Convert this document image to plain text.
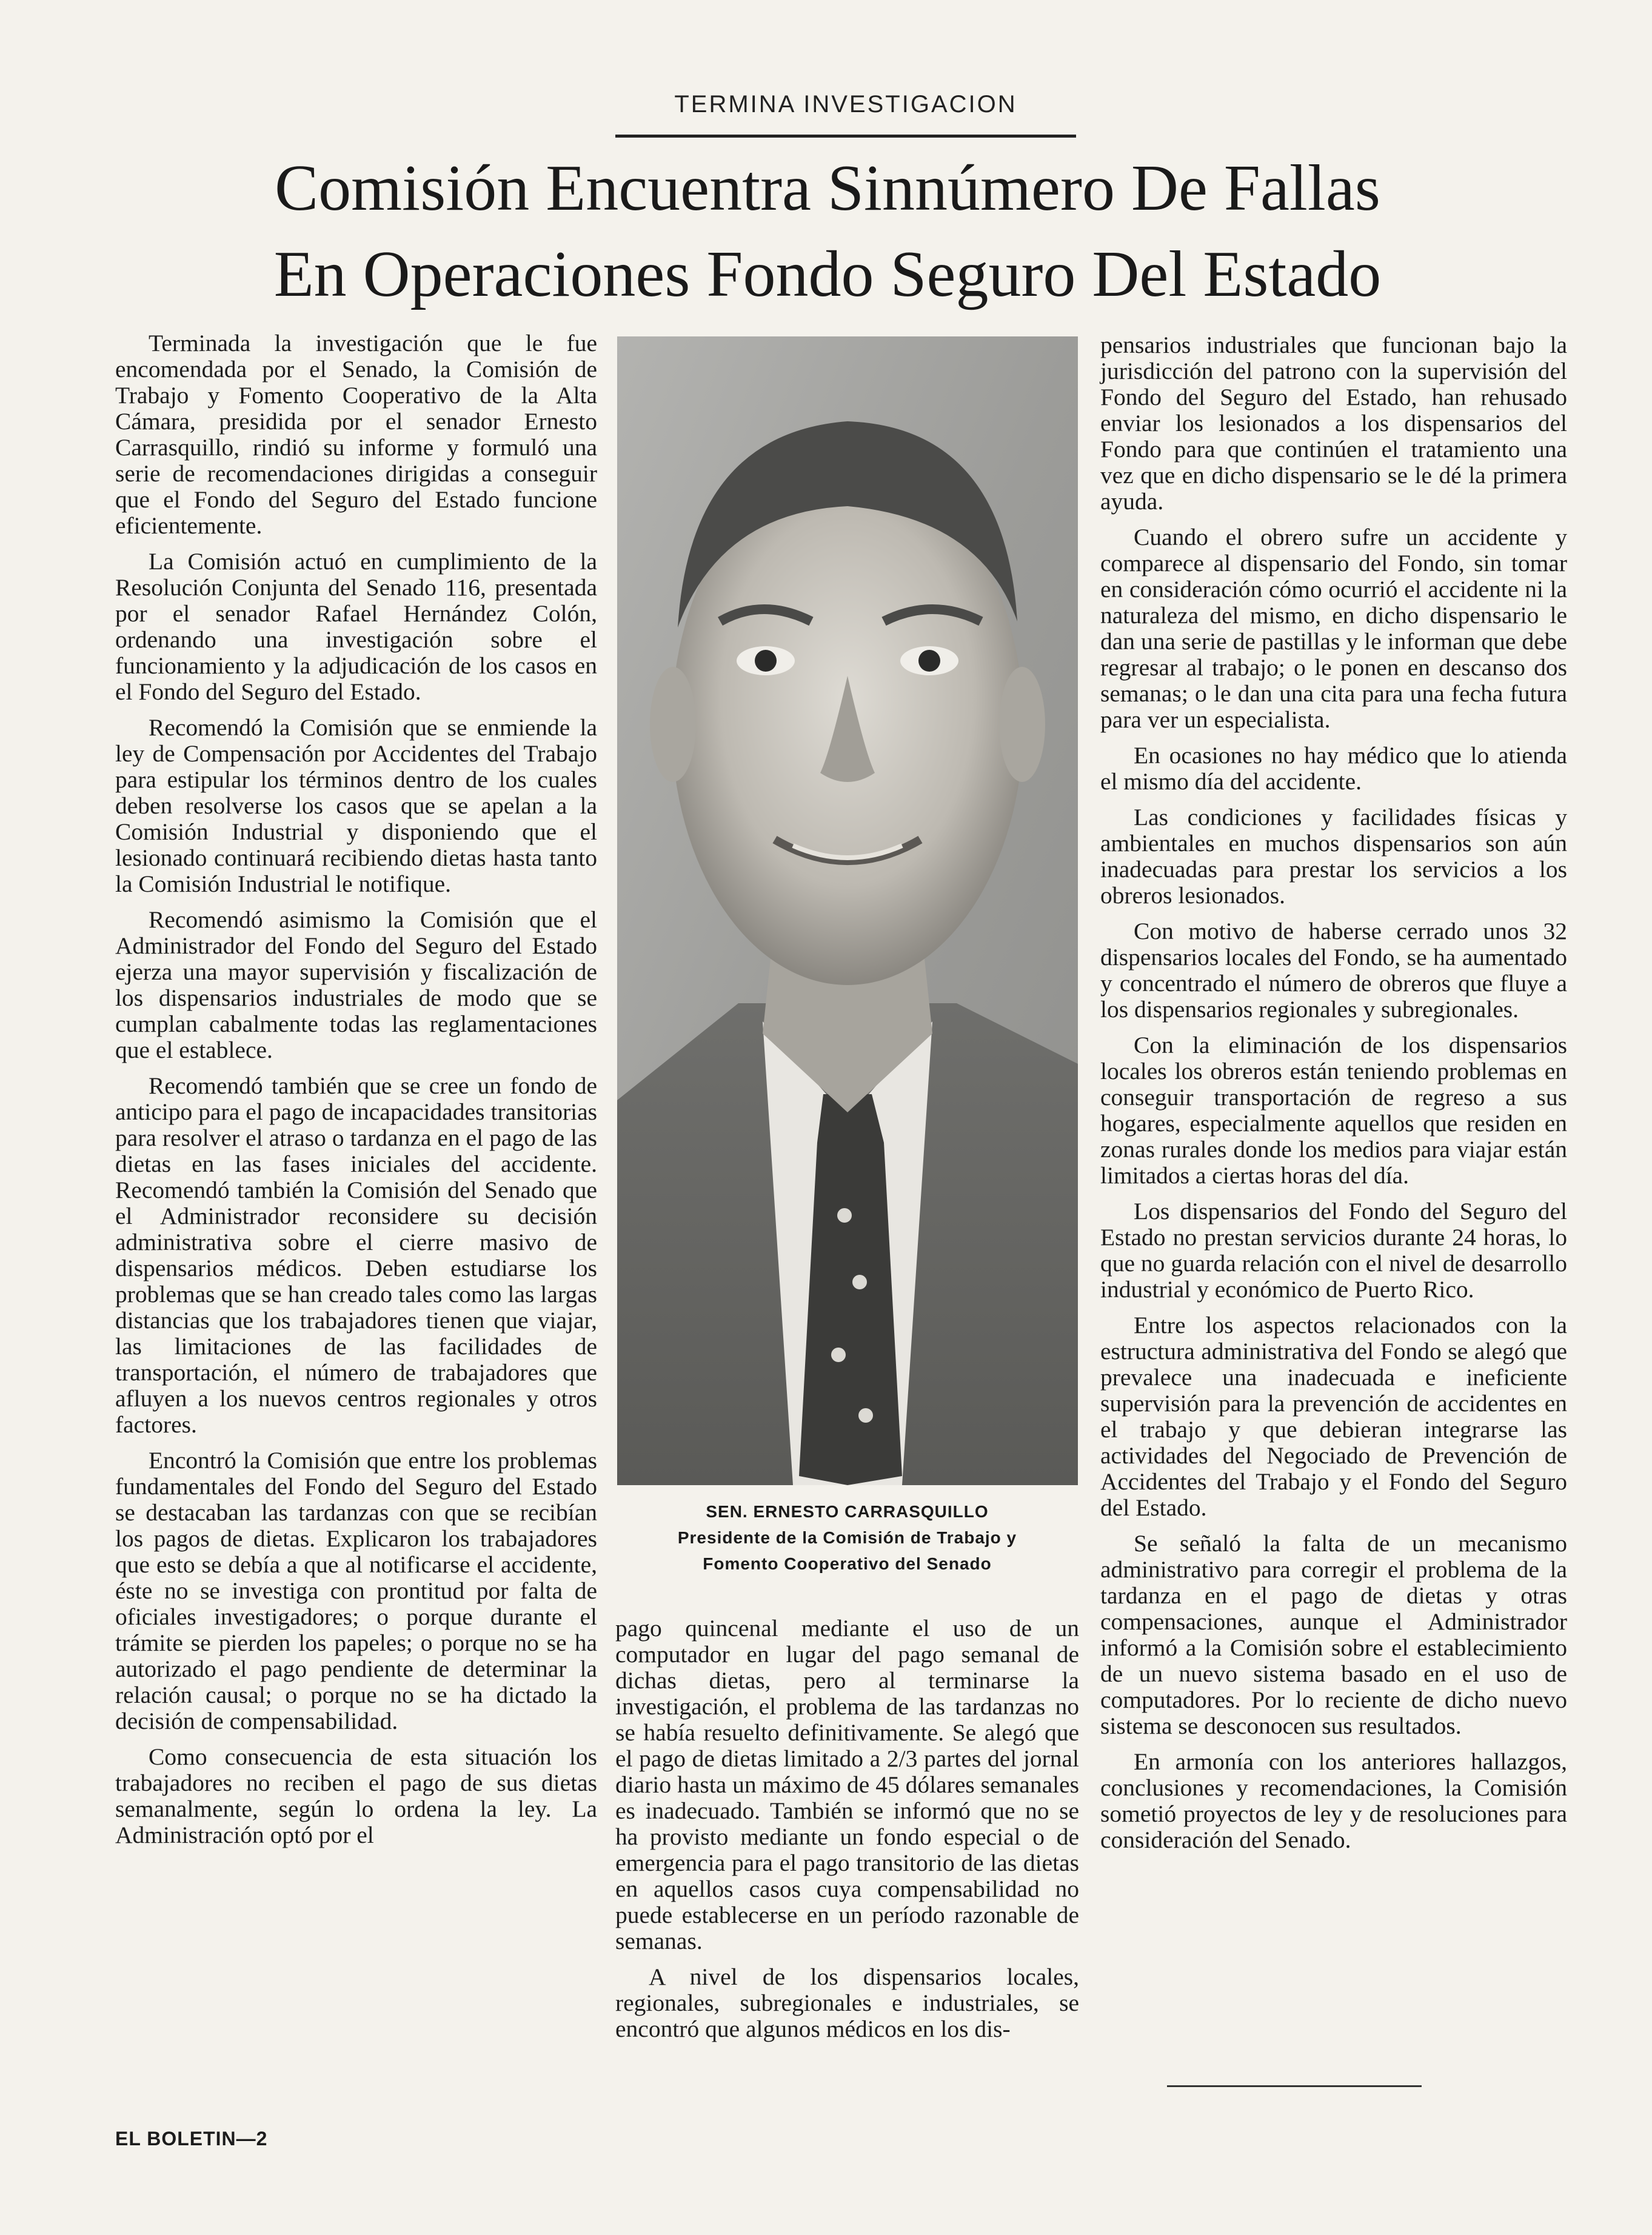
TERMINA INVESTIGACION
Comisión Encuentra Sinnúmero De Fallas
En Operaciones Fondo Seguro Del Estado

Terminada la investigación que le fue encomendada por el Senado, la Comisión de Trabajo y Fomento Cooperativo de la Alta Cámara, presidida por el senador Ernesto Carrasquillo, rindió su informe y formuló una serie de recomendaciones dirigidas a conseguir que el Fondo del Seguro del Estado funcione eficientemente.

La Comisión actuó en cumplimiento de la Resolución Conjunta del Senado 116, presentada por el senador Rafael Hernández Colón, ordenando una investigación sobre el funcionamiento y la adjudicación de los casos en el Fondo del Seguro del Estado.

Recomendó la Comisión que se enmiende la ley de Compensación por Accidentes del Trabajo para estipular los términos dentro de los cuales deben resolverse los casos que se apelan a la Comisión Industrial y disponiendo que el lesionado continuará recibiendo dietas hasta tanto la Comisión Industrial le notifique.

Recomendó asimismo la Comisión que el Administrador del Fondo del Seguro del Estado ejerza una mayor supervisión y fiscalización de los dispensarios industriales de modo que se cumplan cabalmente todas las reglamentaciones que el establece.

Recomendó también que se cree un fondo de anticipo para el pago de incapacidades transitorias para resolver el atraso o tardanza en el pago de las dietas en las fases iniciales del accidente. Recomendó también la Comisión del Senado que el Administrador reconsidere su decisión administrativa sobre el cierre masivo de dispensarios médicos. Deben estudiarse los problemas que se han creado tales como las largas distancias que los trabajadores tienen que viajar, las limitaciones de las facilidades de transportación, el número de trabajadores que afluyen a los nuevos centros regionales y otros factores.

Encontró la Comisión que entre los problemas fundamentales del Fondo del Seguro del Estado se destacaban las tardanzas con que se recibían los pagos de dietas. Explicaron los trabajadores que esto se debía a que al notificarse el accidente, éste no se investiga con prontitud por falta de oficiales investigadores; o porque durante el trámite se pierden los papeles; o porque no se ha autorizado el pago pendiente de determinar la relación causal; o porque no se ha dictado la decisión de compensabilidad.

Como consecuencia de esta situación los trabajadores no reciben el pago de sus dietas semanalmente, según lo ordena la ley. La Administración optó por el

SEN. ERNESTO CARRASQUILLO
Presidente de la Comisión de Trabajo y
Fomento Cooperativo del Senado

pago quincenal mediante el uso de un computador en lugar del pago semanal de dichas dietas, pero al terminarse la investigación, el problema de las tardanzas no se había resuelto definitivamente. Se alegó que el pago de dietas limitado a 2/3 partes del jornal diario hasta un máximo de 45 dólares semanales es inadecuado. También se informó que no se ha provisto mediante un fondo especial o de emergencia para el pago transitorio de las dietas en aquellos casos cuya compensabilidad no puede establecerse en un período razonable de semanas.

A nivel de los dispensarios locales, regionales, subregionales e industriales, se encontró que algunos médicos en los dis-

pensarios industriales que funcionan bajo la jurisdicción del patrono con la supervisión del Fondo del Seguro del Estado, han rehusado enviar los lesionados a los dispensarios del Fondo para que continúen el tratamiento una vez que en dicho dispensario se le dé la primera ayuda.

Cuando el obrero sufre un accidente y comparece al dispensario del Fondo, sin tomar en consideración cómo ocurrió el accidente ni la naturaleza del mismo, en dicho dispensario le dan una serie de pastillas y le informan que debe regresar al trabajo; o le ponen en descanso dos semanas; o le dan una cita para una fecha futura para ver un especialista.

En ocasiones no hay médico que lo atienda el mismo día del accidente.

Las condiciones y facilidades físicas y ambientales en muchos dispensarios son aún inadecuadas para prestar los servicios a los obreros lesionados.

Con motivo de haberse cerrado unos 32 dispensarios locales del Fondo, se ha aumentado y concentrado el número de obreros que fluye a los dispensarios regionales y subregionales.

Con la eliminación de los dispensarios locales los obreros están teniendo problemas en conseguir transportación de regreso a sus hogares, especialmente aquellos que residen en zonas rurales donde los medios para viajar están limitados a ciertas horas del día.

Los dispensarios del Fondo del Seguro del Estado no prestan servicios durante 24 horas, lo que no guarda relación con el nivel de desarrollo industrial y económico de Puerto Rico.

Entre los aspectos relacionados con la estructura administrativa del Fondo se alegó que prevalece una inadecuada e ineficiente supervisión para la prevención de accidentes en el trabajo y que debieran integrarse las actividades del Negociado de Prevención de Accidentes del Trabajo y el Fondo del Seguro del Estado.

Se señaló la falta de un mecanismo administrativo para corregir el problema de la tardanza en el pago de dietas y otras compensaciones, aunque el Administrador informó a la Comisión sobre el establecimiento de un nuevo sistema basado en el uso de computadores. Por lo reciente de dicho nuevo sistema se desconocen sus resultados.

En armonía con los anteriores hallazgos, conclusiones y recomendaciones, la Comisión sometió proyectos de ley y de resoluciones para consideración del Senado.

EL BOLETIN—2
